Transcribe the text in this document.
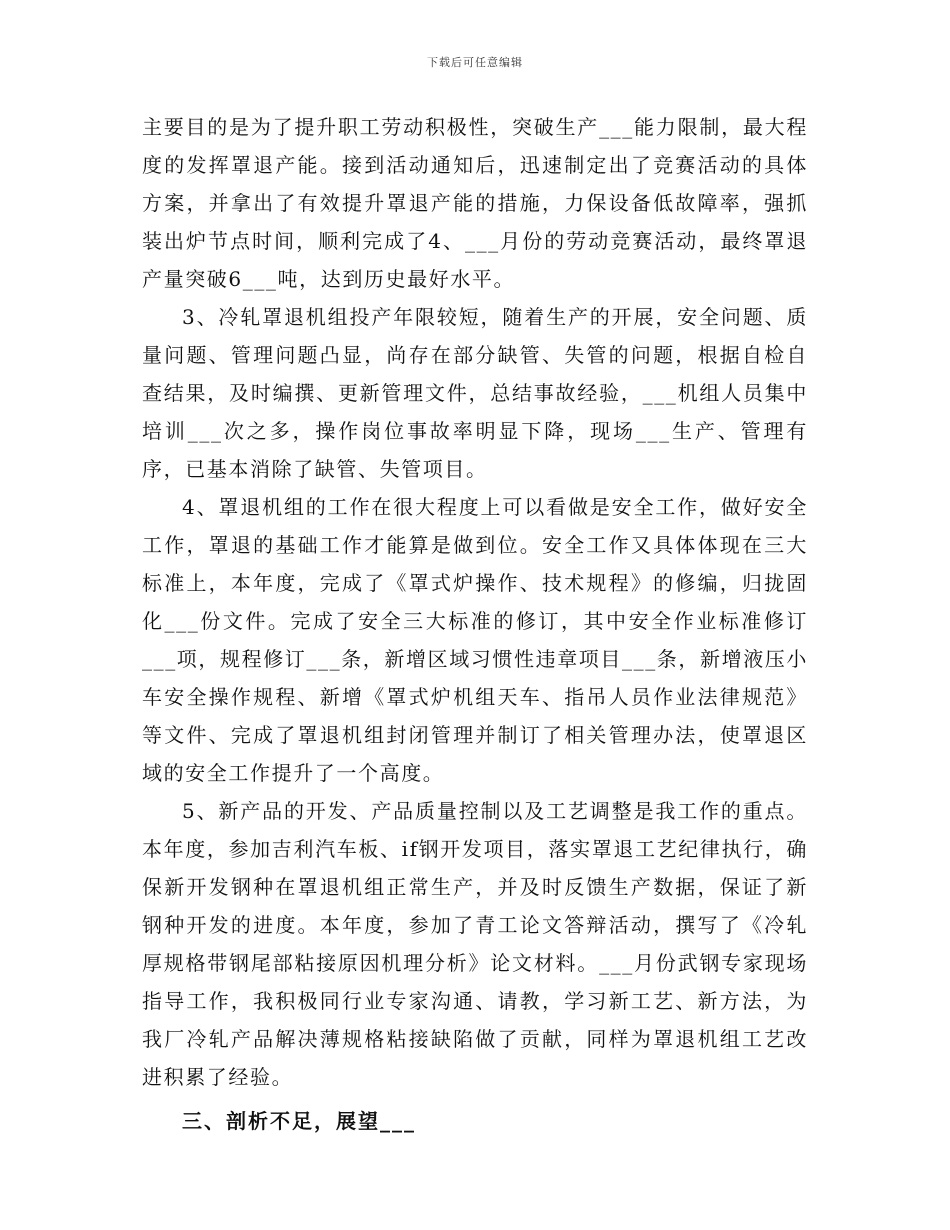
下载后可任意编辑

主要目的是为了提升职工劳动积极性，突破生产___能力限制，最大程度的发挥罩退产能。接到活动通知后，迅速制定出了竞赛活动的具体方案，并拿出了有效提升罩退产能的措施，力保设备低故障率，强抓装出炉节点时间，顺利完成了4、___月份的劳动竞赛活动，最终罩退产量突破6___吨，达到历史最好水平。

3、冷轧罩退机组投产年限较短，随着生产的开展，安全问题、质量问题、管理问题凸显，尚存在部分缺管、失管的问题，根据自检自查结果，及时编撰、更新管理文件，总结事故经验，___机组人员集中培训___次之多，操作岗位事故率明显下降，现场___生产、管理有序，已基本消除了缺管、失管项目。

4、罩退机组的工作在很大程度上可以看做是安全工作，做好安全工作，罩退的基础工作才能算是做到位。安全工作又具体体现在三大标准上，本年度，完成了《罩式炉操作、技术规程》的修编，归拢固化___份文件。完成了安全三大标准的修订，其中安全作业标准修订___项，规程修订___条，新增区域习惯性违章项目___条，新增液压小车安全操作规程、新增《罩式炉机组天车、指吊人员作业法律规范》等文件、完成了罩退机组封闭管理并制订了相关管理办法，使罩退区域的安全工作提升了一个高度。

5、新产品的开发、产品质量控制以及工艺调整是我工作的重点。本年度，参加吉利汽车板、if钢开发项目，落实罩退工艺纪律执行，确保新开发钢种在罩退机组正常生产，并及时反馈生产数据，保证了新钢种开发的进度。本年度，参加了青工论文答辩活动，撰写了《冷轧厚规格带钢尾部粘接原因机理分析》论文材料。___月份武钢专家现场指导工作，我积极同行业专家沟通、请教，学习新工艺、新方法，为我厂冷轧产品解决薄规格粘接缺陷做了贡献，同样为罩退机组工艺改进积累了经验。

三、剖析不足，展望___
